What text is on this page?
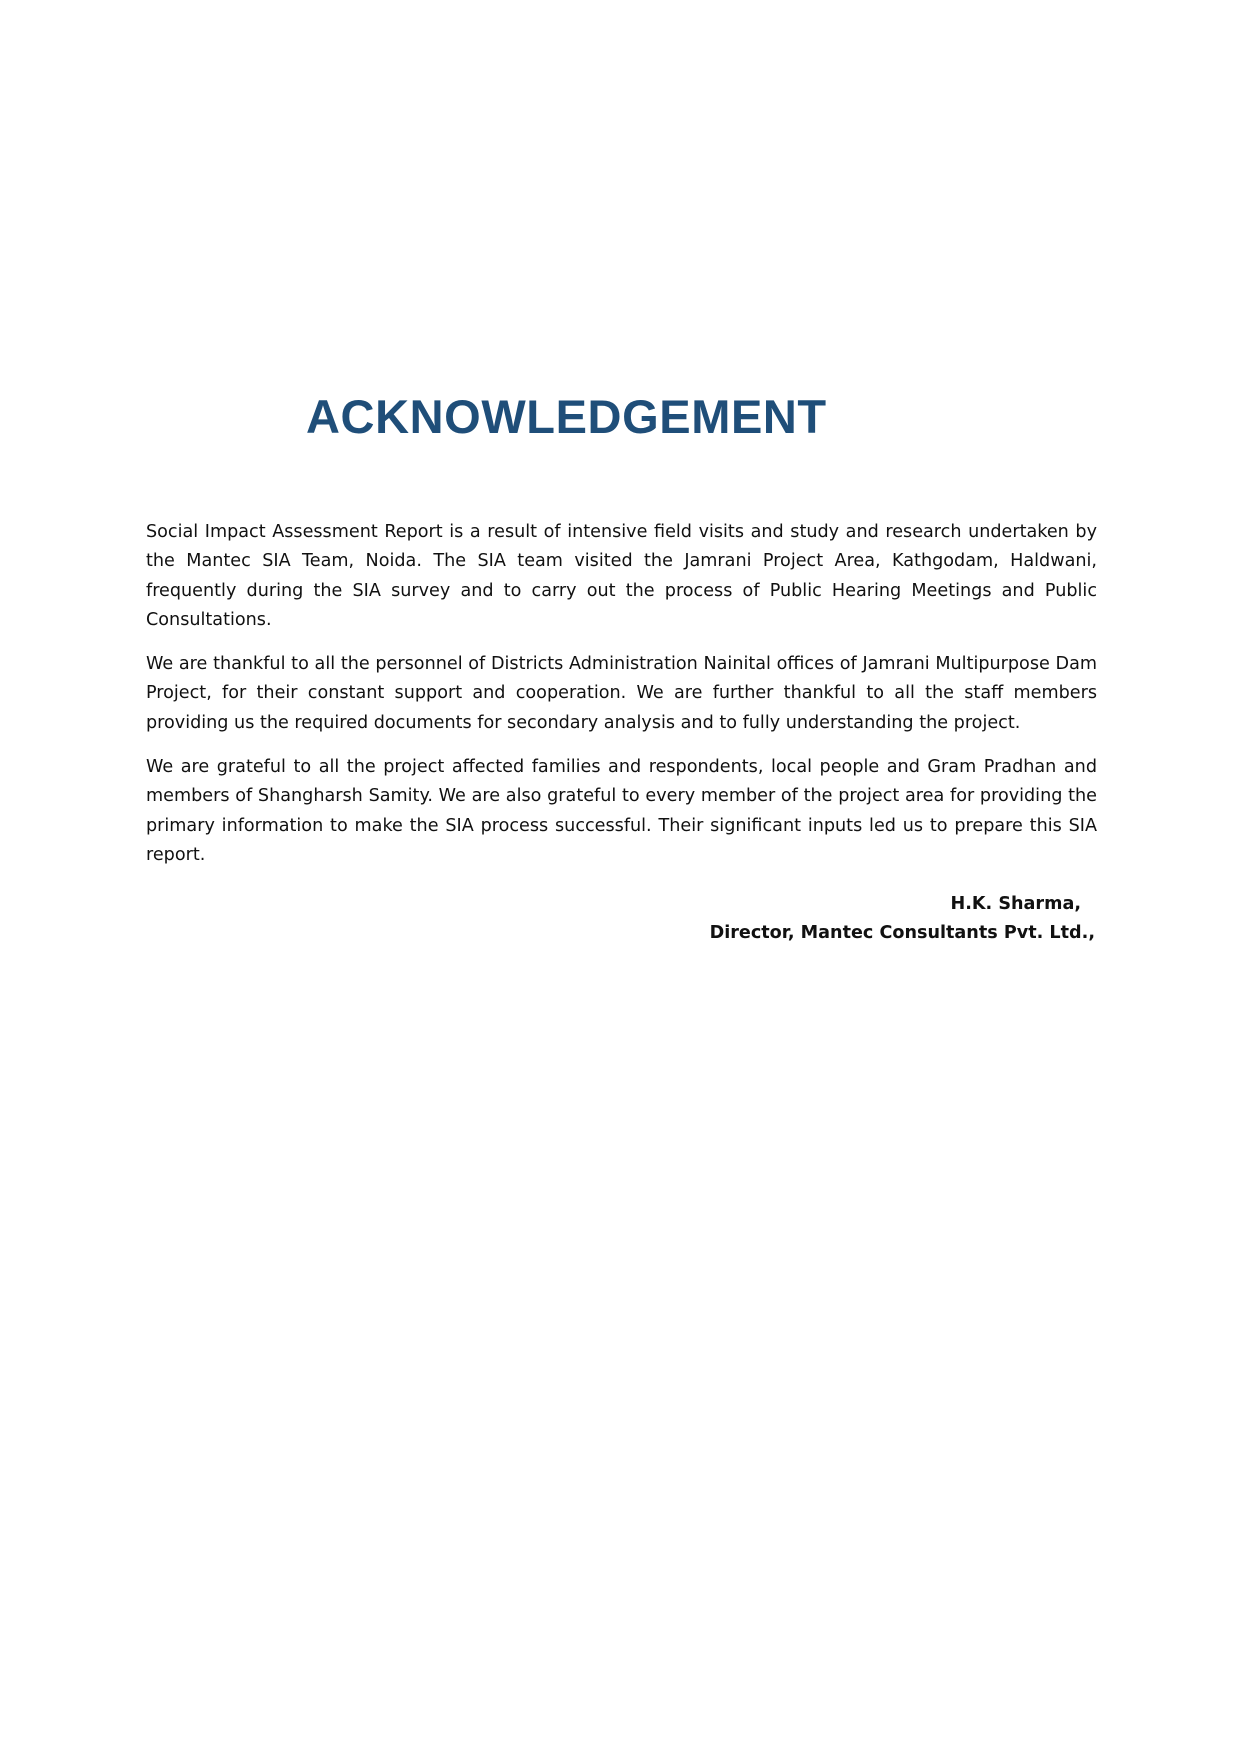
ACKNOWLEDGEMENT

Social Impact Assessment Report is a result of intensive field visits and study and research undertaken by the Mantec SIA Team, Noida. The SIA team visited the Jamrani Project Area, Kathgodam, Haldwani, frequently during the SIA survey and to carry out the process of Public Hearing Meetings and Public Consultations.

We are thankful to all the personnel of Districts Administration Nainital offices of Jamrani Multipurpose Dam Project, for their constant support and cooperation. We are further thankful to all the staff members providing us the required documents for secondary analysis and to fully understanding the project.

We are grateful to all the project affected families and respondents, local people and Gram Pradhan and members of Shangharsh Samity. We are also grateful to every member of the project area for providing the primary information to make the SIA process successful. Their significant inputs led us to prepare this SIA report.

H.K. Sharma,
Director, Mantec Consultants Pvt. Ltd.,
